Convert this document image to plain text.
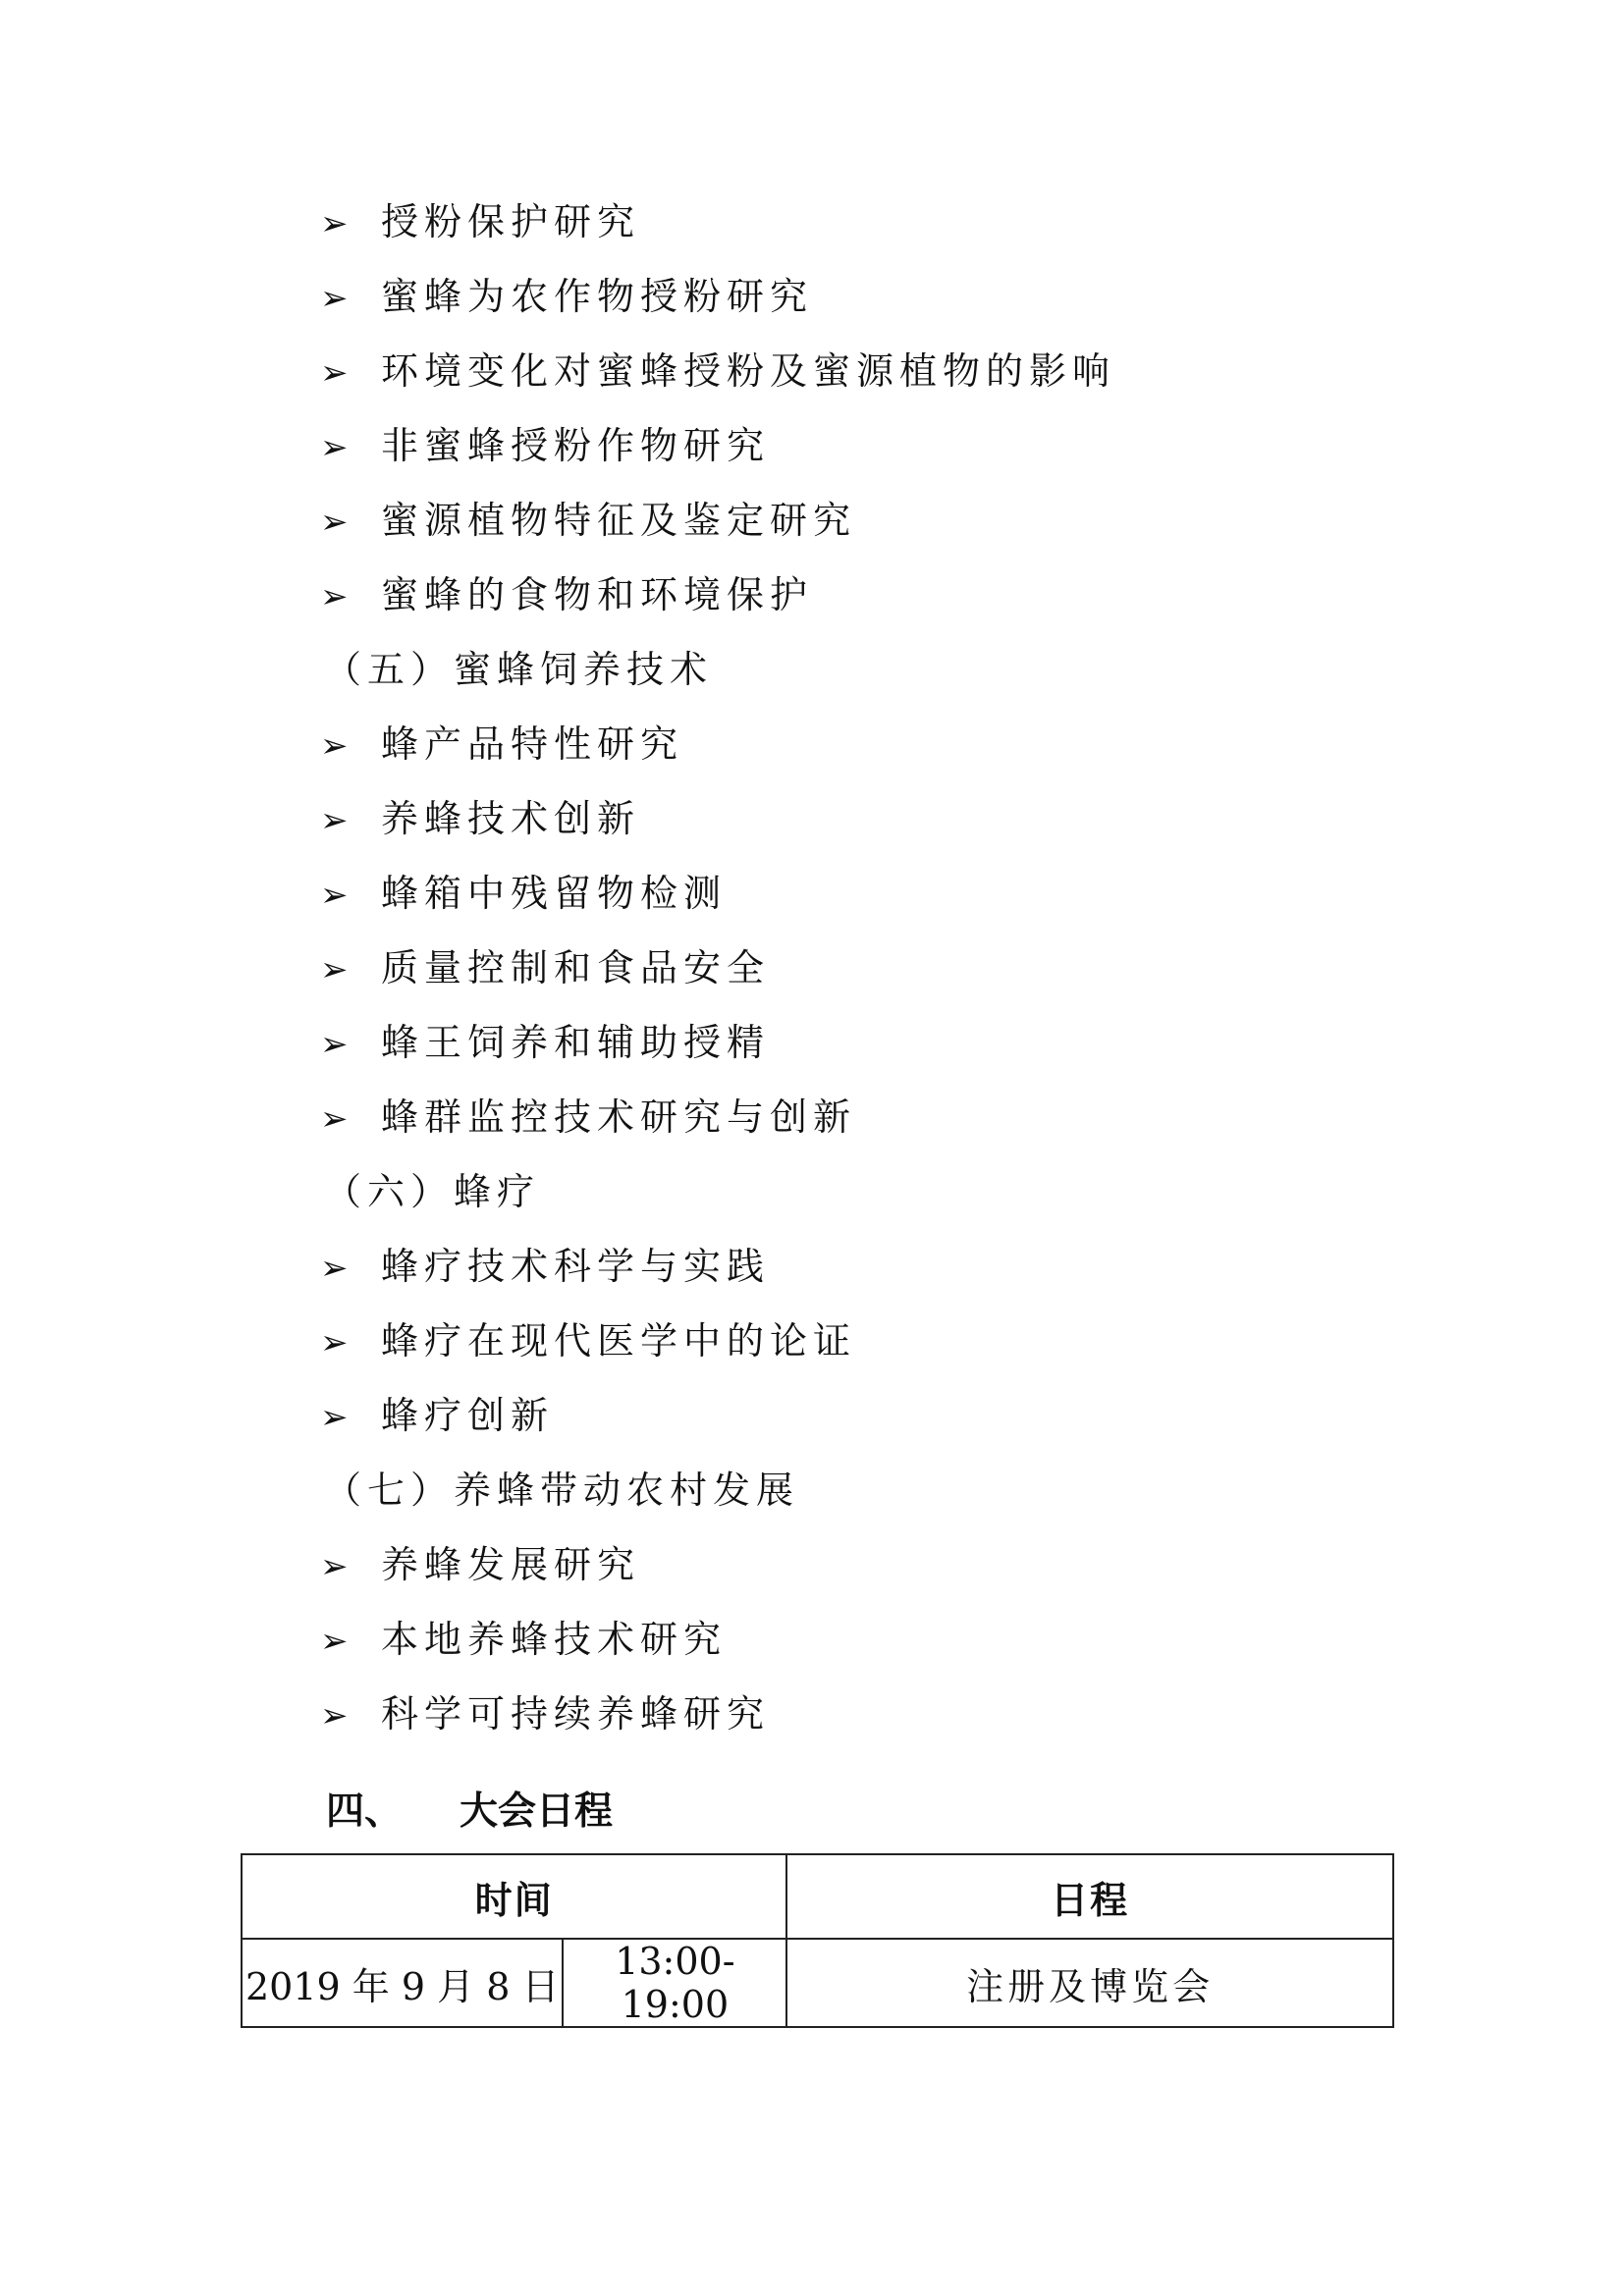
➢ 授粉保护研究
➢ 蜜蜂为农作物授粉研究
➢ 环境变化对蜜蜂授粉及蜜源植物的影响
➢ 非蜜蜂授粉作物研究
➢ 蜜源植物特征及鉴定研究
➢ 蜜蜂的食物和环境保护
（五）蜜蜂饲养技术
➢ 蜂产品特性研究
➢ 养蜂技术创新
➢ 蜂箱中残留物检测
➢ 质量控制和食品安全
➢ 蜂王饲养和辅助授精
➢ 蜂群监控技术研究与创新
（六）蜂疗
➢ 蜂疗技术科学与实践
➢ 蜂疗在现代医学中的论证
➢ 蜂疗创新
（七）养蜂带动农村发展
➢ 养蜂发展研究
➢ 本地养蜂技术研究
➢ 科学可持续养蜂研究
四、 大会日程
时间		日程
2019 年 9 月 8 日	13:00-19:00	注册及博览会
